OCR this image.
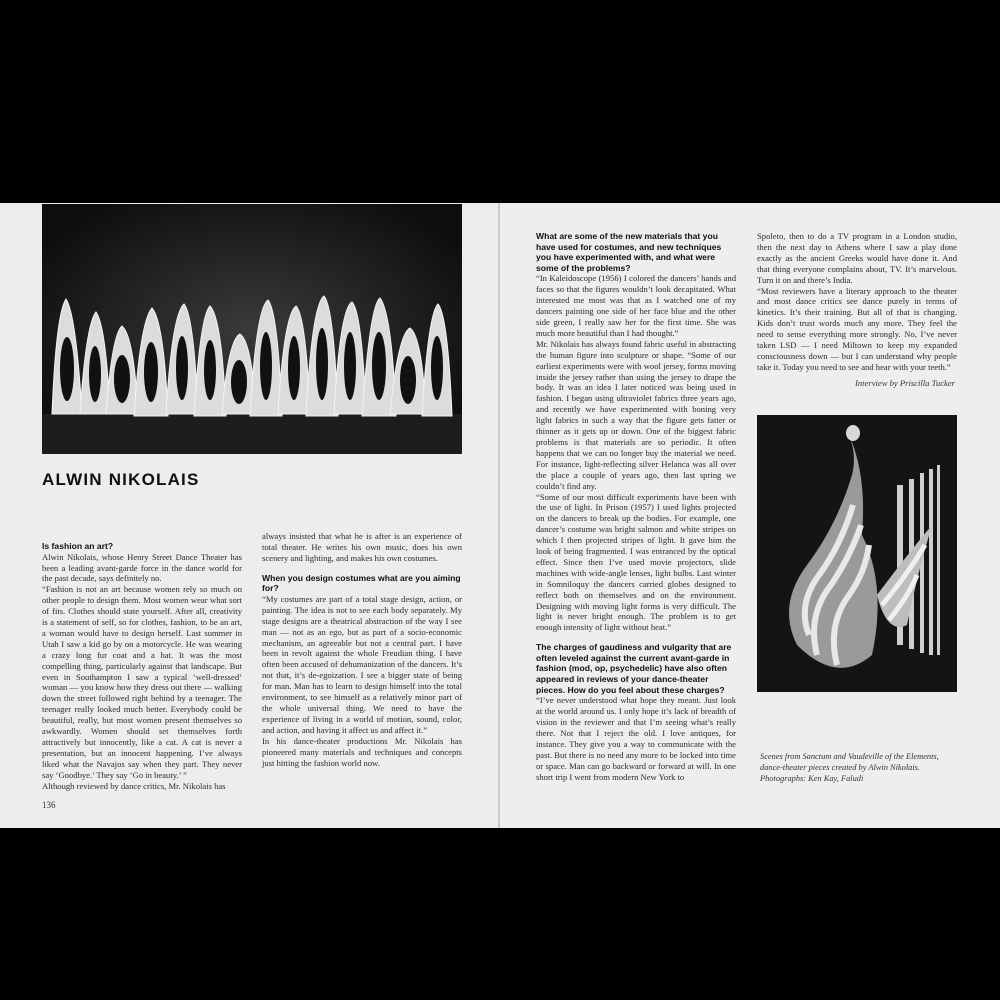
ALWIN NIKOLAIS
Is fashion an art?

Alwin Nikolais, whose Henry Street Dance Theater has been a leading avant-garde force in the dance world for the past decade, says definitely no.

“Fashion is not an art because women rely so much on other people to design them. Most women wear what sort of fits. Clothes should state yourself. After all, creativity is a statement of self, so for clothes, fashion, to be an art, a woman would have to design herself. Last summer in Utah I saw a kid go by on a motorcycle. He was wearing a crazy long fur coat and a hat. It was the most compelling thing, particularly against that landscape. But even in Southampton I saw a typical ‘well-dressed’ woman — you know how they dress out there — walking down the street followed right behind by a teenager. The teenager really looked much better. Everybody could be beautiful, really, but most women present themselves so awkwardly. Women should set themselves forth attractively but innocently, like a cat. A cat is never a presentation, but an innocent happening. I’ve always liked what the Navajos say when they part. They never say ‘Goodbye.’ They say ‘Go in beauty.’ ”

Although reviewed by dance critics, Mr. Nikolais has

always insisted that what he is after is an experience of total theater. He writes his own music, does his own scenery and lighting, and makes his own costumes.

When you design costumes what are you aiming for?

“My costumes are part of a total stage design, action, or painting. The idea is not to see each body separately. My stage designs are a theatrical abstraction of the way I see man — not as an ego, but as part of a socio-economic mechanism, an agreeable but not a central part. I have been in revolt against the whole Freudian thing. I have often been accused of dehumanization of the dancers. It’s not that, it’s de-egoization. I see a bigger state of being for man. Man has to learn to design himself into the total environment, to see himself as a relatively minor part of the whole universal thing. We need to have the experience of living in a world of motion, sound, color, and action, and having it affect us and affect it.”

In his dance-theater productions Mr. Nikolais has pioneered many materials and techniques and concepts just hitting the fashion world now.

136
What are some of the new materials that you have used for costumes, and new techniques you have experimented with, and what were some of the problems?

“In Kaleidoscope (1956) I colored the dancers’ hands and faces so that the figures wouldn’t look decapitated. What interested me most was that as I watched one of my dancers painting one side of her face blue and the other side green, I really saw her for the first time. She was much more beautiful than I had thought.”

Mr. Nikolais has always found fabric useful in abstracting the human figure into sculpture or shape. “Some of our earliest experiments were with wool jersey, forms moving inside the jersey rather than using the jersey to drape the body. It was an idea I later noticed was being used in fashion. I began using ultraviolet fabrics three years ago, and recently we have experimented with boning very light fabrics in such a way that the figure gets fatter or thinner as it gets up or down. One of the biggest fabric problems is that materials are so periodic. It often happens that we can no longer buy the material we need. For instance, light-reflecting silver Helanca was all over the place a couple of years ago, then last spring we couldn’t find any.

“Some of our most difficult experiments have been with the use of light. In Prison (1957) I used lights projected on the dancers to break up the bodies. For example, one dancer’s costume was bright salmon and white stripes on which I then projected stripes of light. It gave him the look of being fragmented. I was entranced by the optical effect. Since then I’ve used movie projectors, slide machines with wide-angle lenses, light bulbs. Last winter in Somniloquy the dancers carried globes designed to reflect both on themselves and on the environment. Designing with moving light forms is very difficult. The light is never bright enough. The problem is to get enough intensity of light without heat.”

The charges of gaudiness and vulgarity that are often leveled against the current avant-garde in fashion (mod, op, psychedelic) have also often appeared in reviews of your dance-theater pieces. How do you feel about these charges?

“I’ve never understood what hope they meant. Just look at the world around us. I only hope it’s lack of breadth of vision in the reviewer and that I’m seeing what’s really there. Not that I reject the old. I love antiques, for instance. They give you a way to communicate with the past. But there is no need any more to be locked into time or space. Man can go backward or forward at will. In one short trip I went from modern New York to

Spoleto, then to do a TV program in a London studio, then the next day to Athens where I saw a play done exactly as the ancient Greeks would have done it. And that thing everyone complains about, TV. It’s marvelous. Turn it on and there’s India.

“Most reviewers have a literary approach to the theater and most dance critics see dance purely in terms of kinetics. It’s their training. But all of that is changing. Kids don’t trust words much any more. They feel the need to sense everything more strongly. No, I’ve never taken LSD — I need Miltown to keep my expanded consciousness down — but I can understand why people take it. Today you need to see and hear with your teeth.”

Interview by Priscilla Tucker
Scenes from Sanctum and Vaudeville of the Elements,
dance-theater pieces created by Alwin Nikolais.
Photographs: Ken Kay, Faludi
